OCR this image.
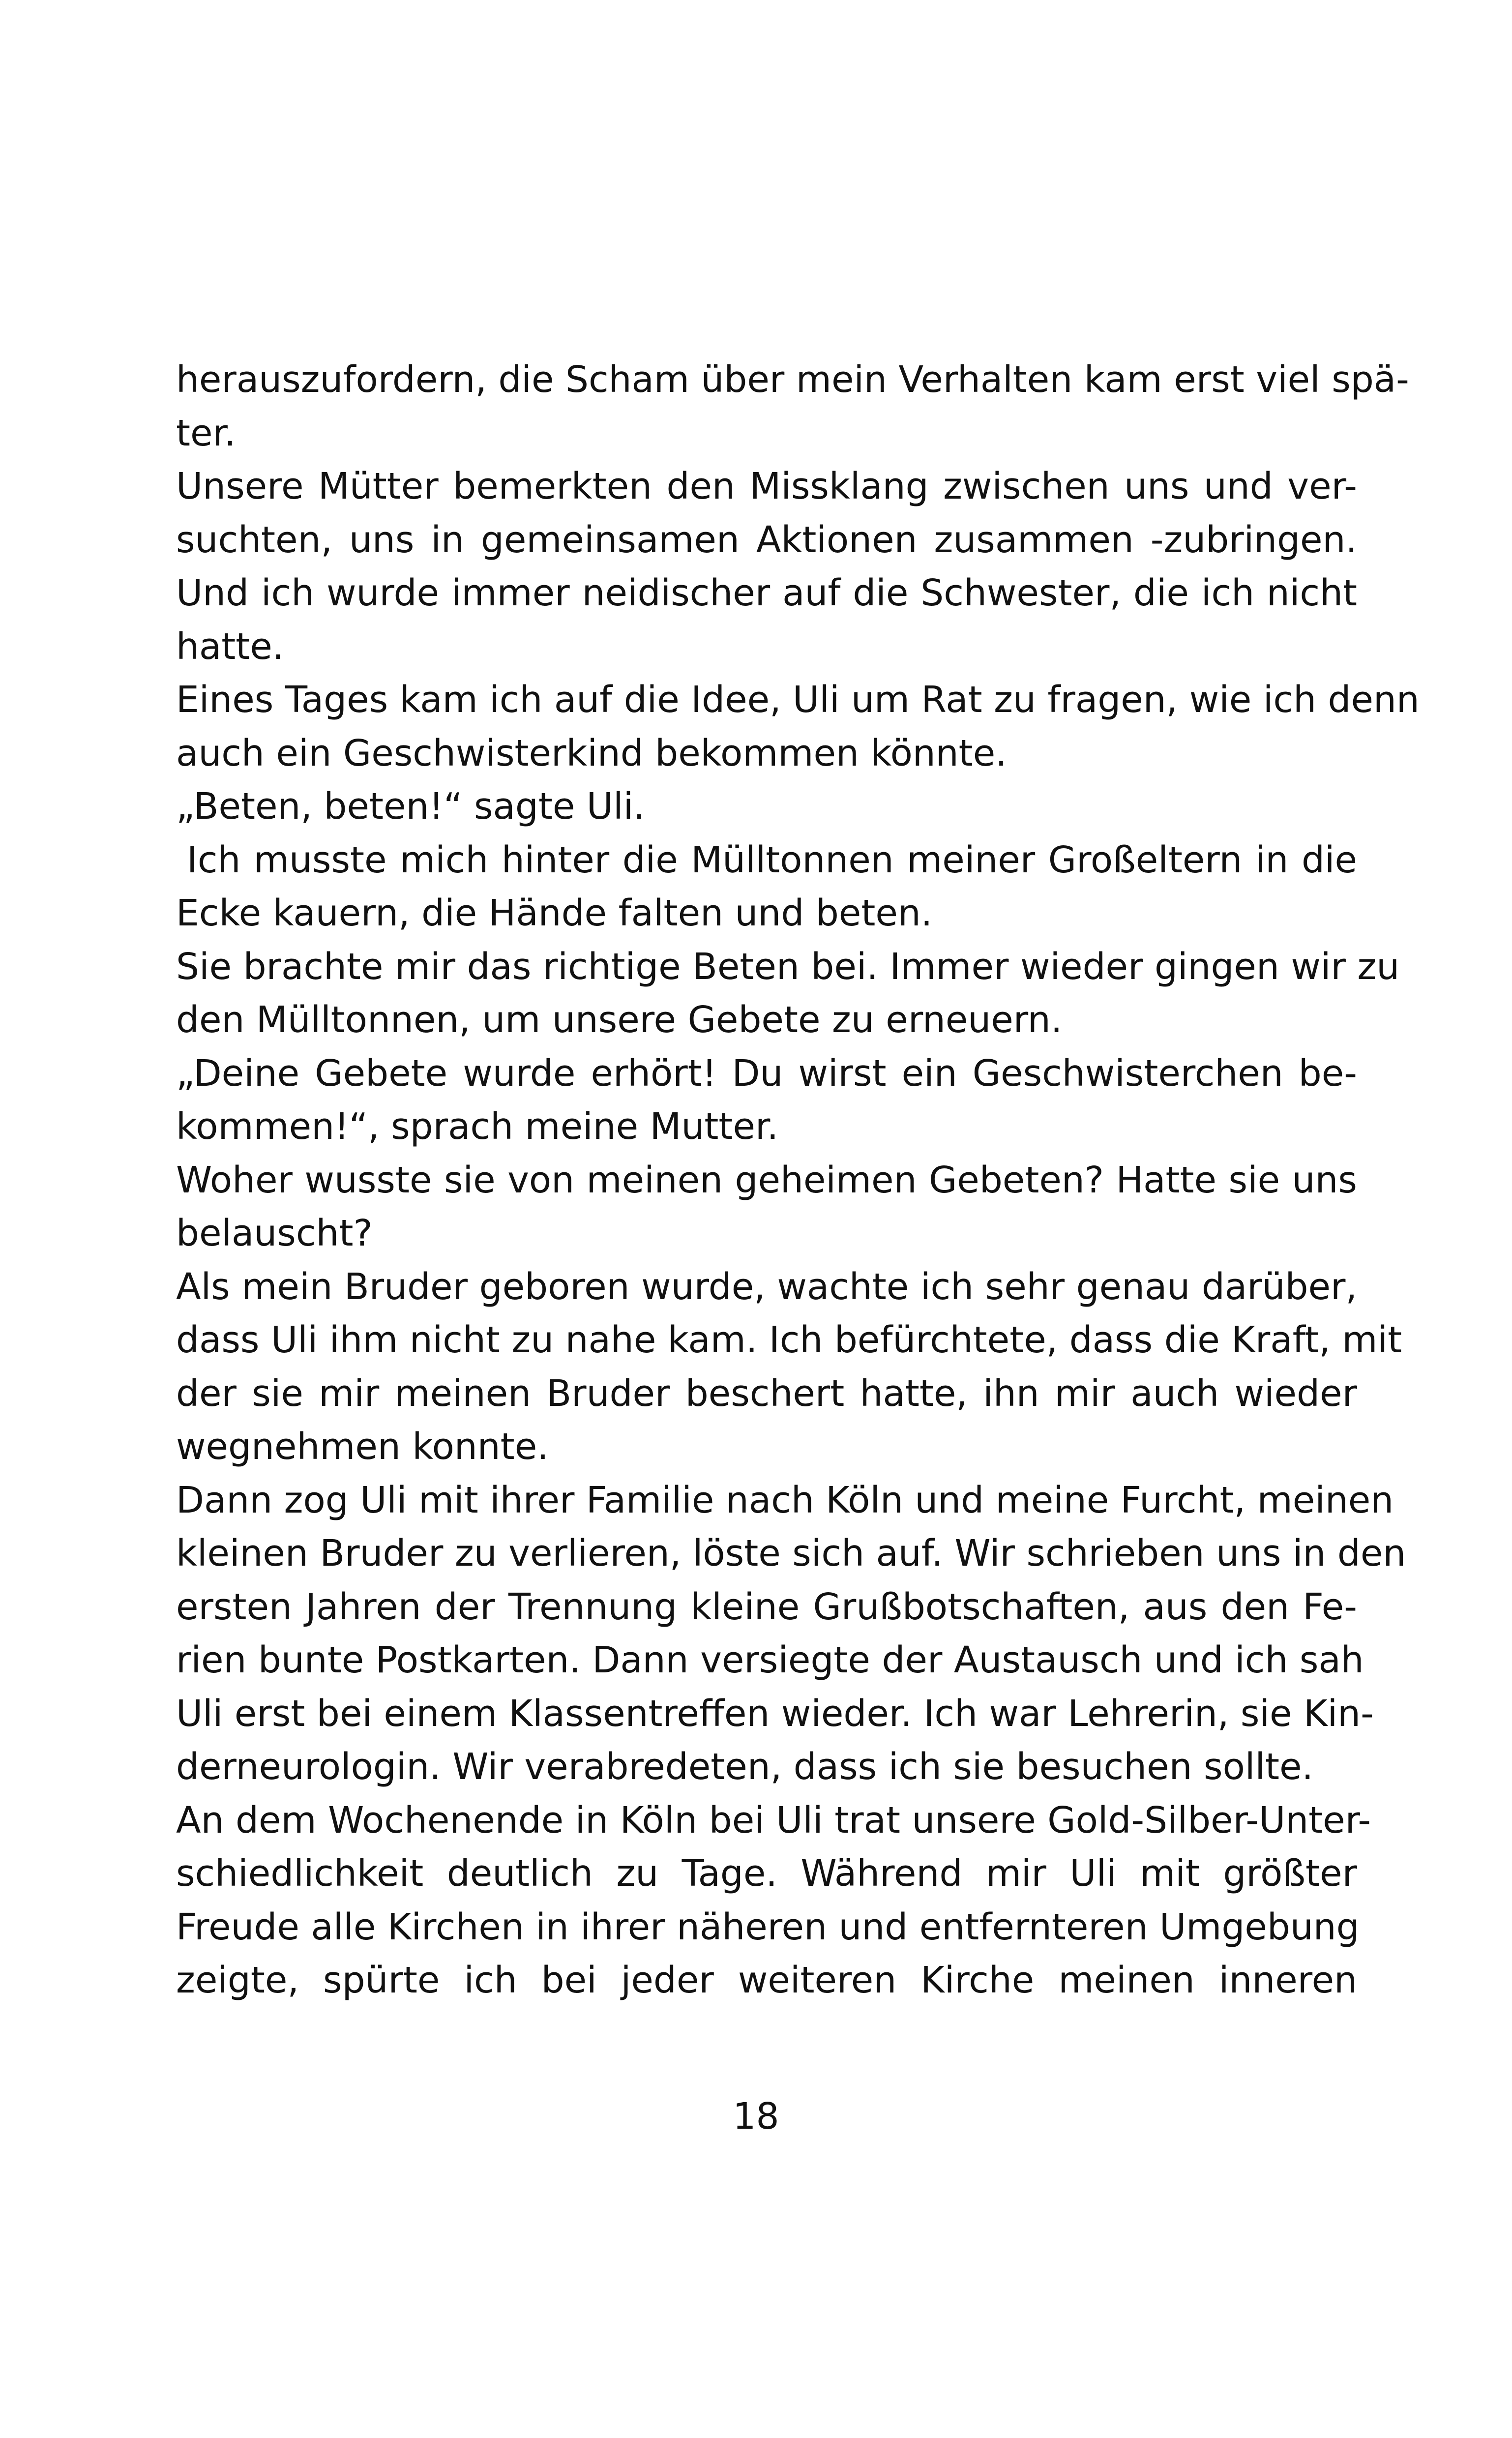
herauszufordern, die Scham über mein Verhalten kam erst viel spä-
ter.
Unsere Mütter bemerkten den Missklang zwischen uns und ver-
suchten, uns in gemeinsamen Aktionen zusammen -zubringen.
Und ich wurde immer neidischer auf die Schwester, die ich nicht
hatte.
Eines Tages kam ich auf die Idee, Uli um Rat zu fragen, wie ich denn
auch ein Geschwisterkind bekommen könnte.
„Beten, beten!“ sagte Uli.
Ich musste mich hinter die Mülltonnen meiner Großeltern in die
Ecke kauern, die Hände falten und beten.
Sie brachte mir das richtige Beten bei. Immer wieder gingen wir zu
den Mülltonnen, um unsere Gebete zu erneuern.
„Deine Gebete wurde erhört! Du wirst ein Geschwisterchen be-
kommen!“, sprach meine Mutter.
Woher wusste sie von meinen geheimen Gebeten? Hatte sie uns
belauscht?
Als mein Bruder geboren wurde, wachte ich sehr genau darüber,
dass Uli ihm nicht zu nahe kam. Ich befürchtete, dass die Kraft, mit
der sie mir meinen Bruder beschert hatte, ihn mir auch wieder
wegnehmen konnte.
Dann zog Uli mit ihrer Familie nach Köln und meine Furcht, meinen
kleinen Bruder zu verlieren, löste sich auf. Wir schrieben uns in den
ersten Jahren der Trennung kleine Grußbotschaften, aus den Fe-
rien bunte Postkarten. Dann versiegte der Austausch und ich sah
Uli erst bei einem Klassentreffen wieder. Ich war Lehrerin, sie Kin-
derneurologin. Wir verabredeten, dass ich sie besuchen sollte.
An dem Wochenende in Köln bei Uli trat unsere Gold-Silber-Unter-
schiedlichkeit deutlich zu Tage. Während mir Uli mit größter
Freude alle Kirchen in ihrer näheren und entfernteren Umgebung
zeigte, spürte ich bei jeder weiteren Kirche meinen inneren
18
